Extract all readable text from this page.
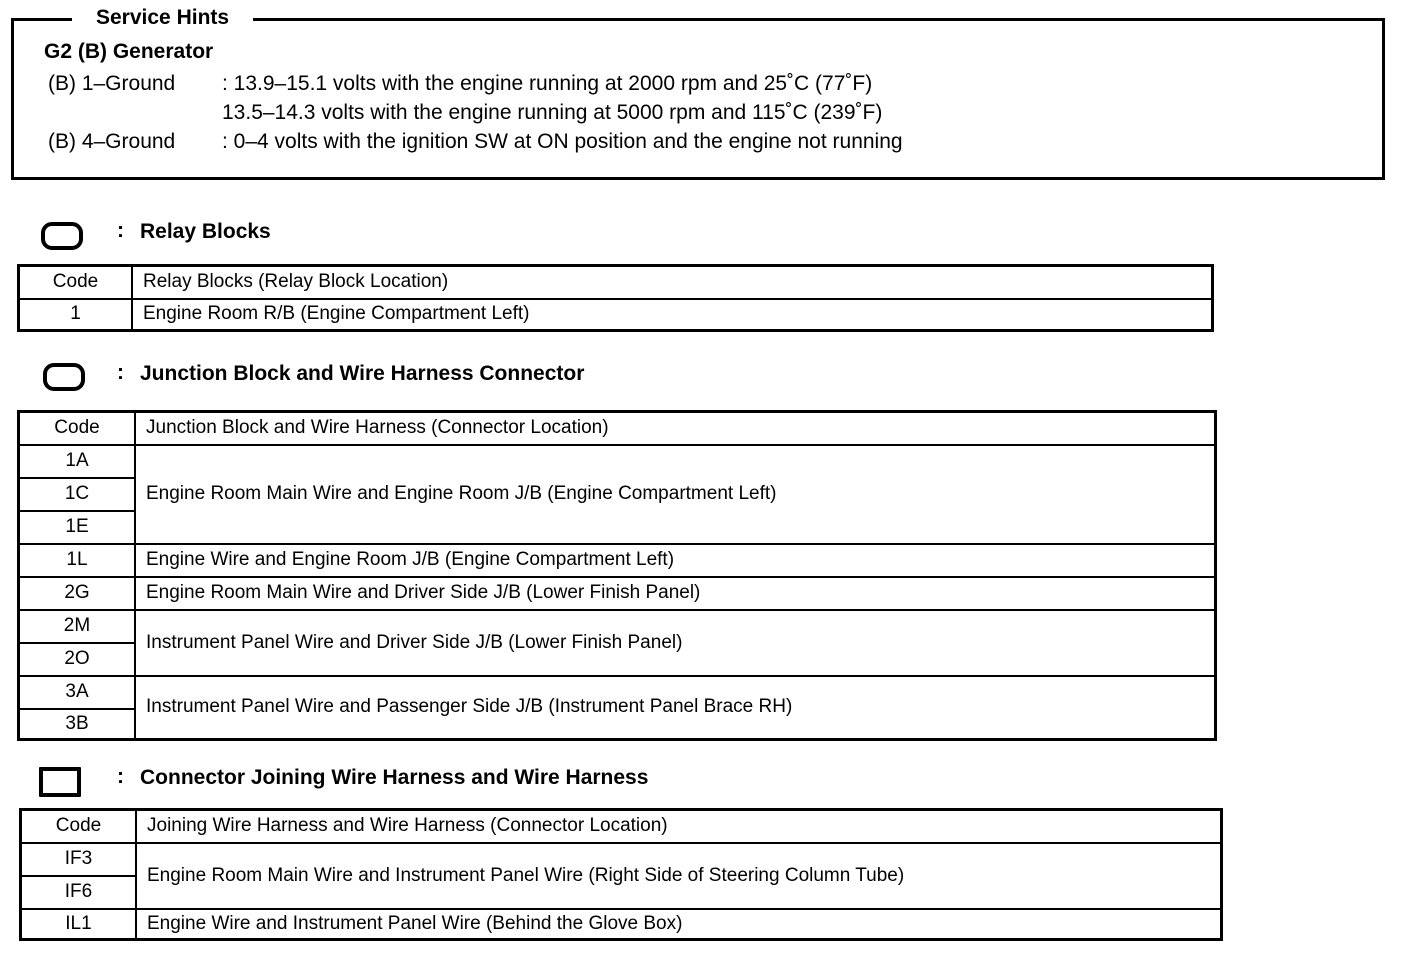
Service Hints
G2 (B) Generator
(B) 1–Ground : 13.9–15.1 volts with the engine running at 2000 rpm and 25˚C (77˚F)
13.5–14.3 volts with the engine running at 5000 rpm and 115˚C (239˚F)
(B) 4–Ground : 0–4 volts with the ignition SW at ON position and the engine not running
: Relay Blocks
Code	Relay Blocks (Relay Block Location)
1	Engine Room R/B (Engine Compartment Left)
: Junction Block and Wire Harness Connector
Code	Junction Block and Wire Harness (Connector Location)
1A	Engine Room Main Wire and Engine Room J/B (Engine Compartment Left)
1C	
1E	
1L	Engine Wire and Engine Room J/B (Engine Compartment Left)
2G	Engine Room Main Wire and Driver Side J/B (Lower Finish Panel)
2M	Instrument Panel Wire and Driver Side J/B (Lower Finish Panel)
2O	
3A	Instrument Panel Wire and Passenger Side J/B (Instrument Panel Brace RH)
3B	
: Connector Joining Wire Harness and Wire Harness
Code	Joining Wire Harness and Wire Harness (Connector Location)
IF3	Engine Room Main Wire and Instrument Panel Wire (Right Side of Steering Column Tube)
IF6	
IL1	Engine Wire and Instrument Panel Wire (Behind the Glove Box)
